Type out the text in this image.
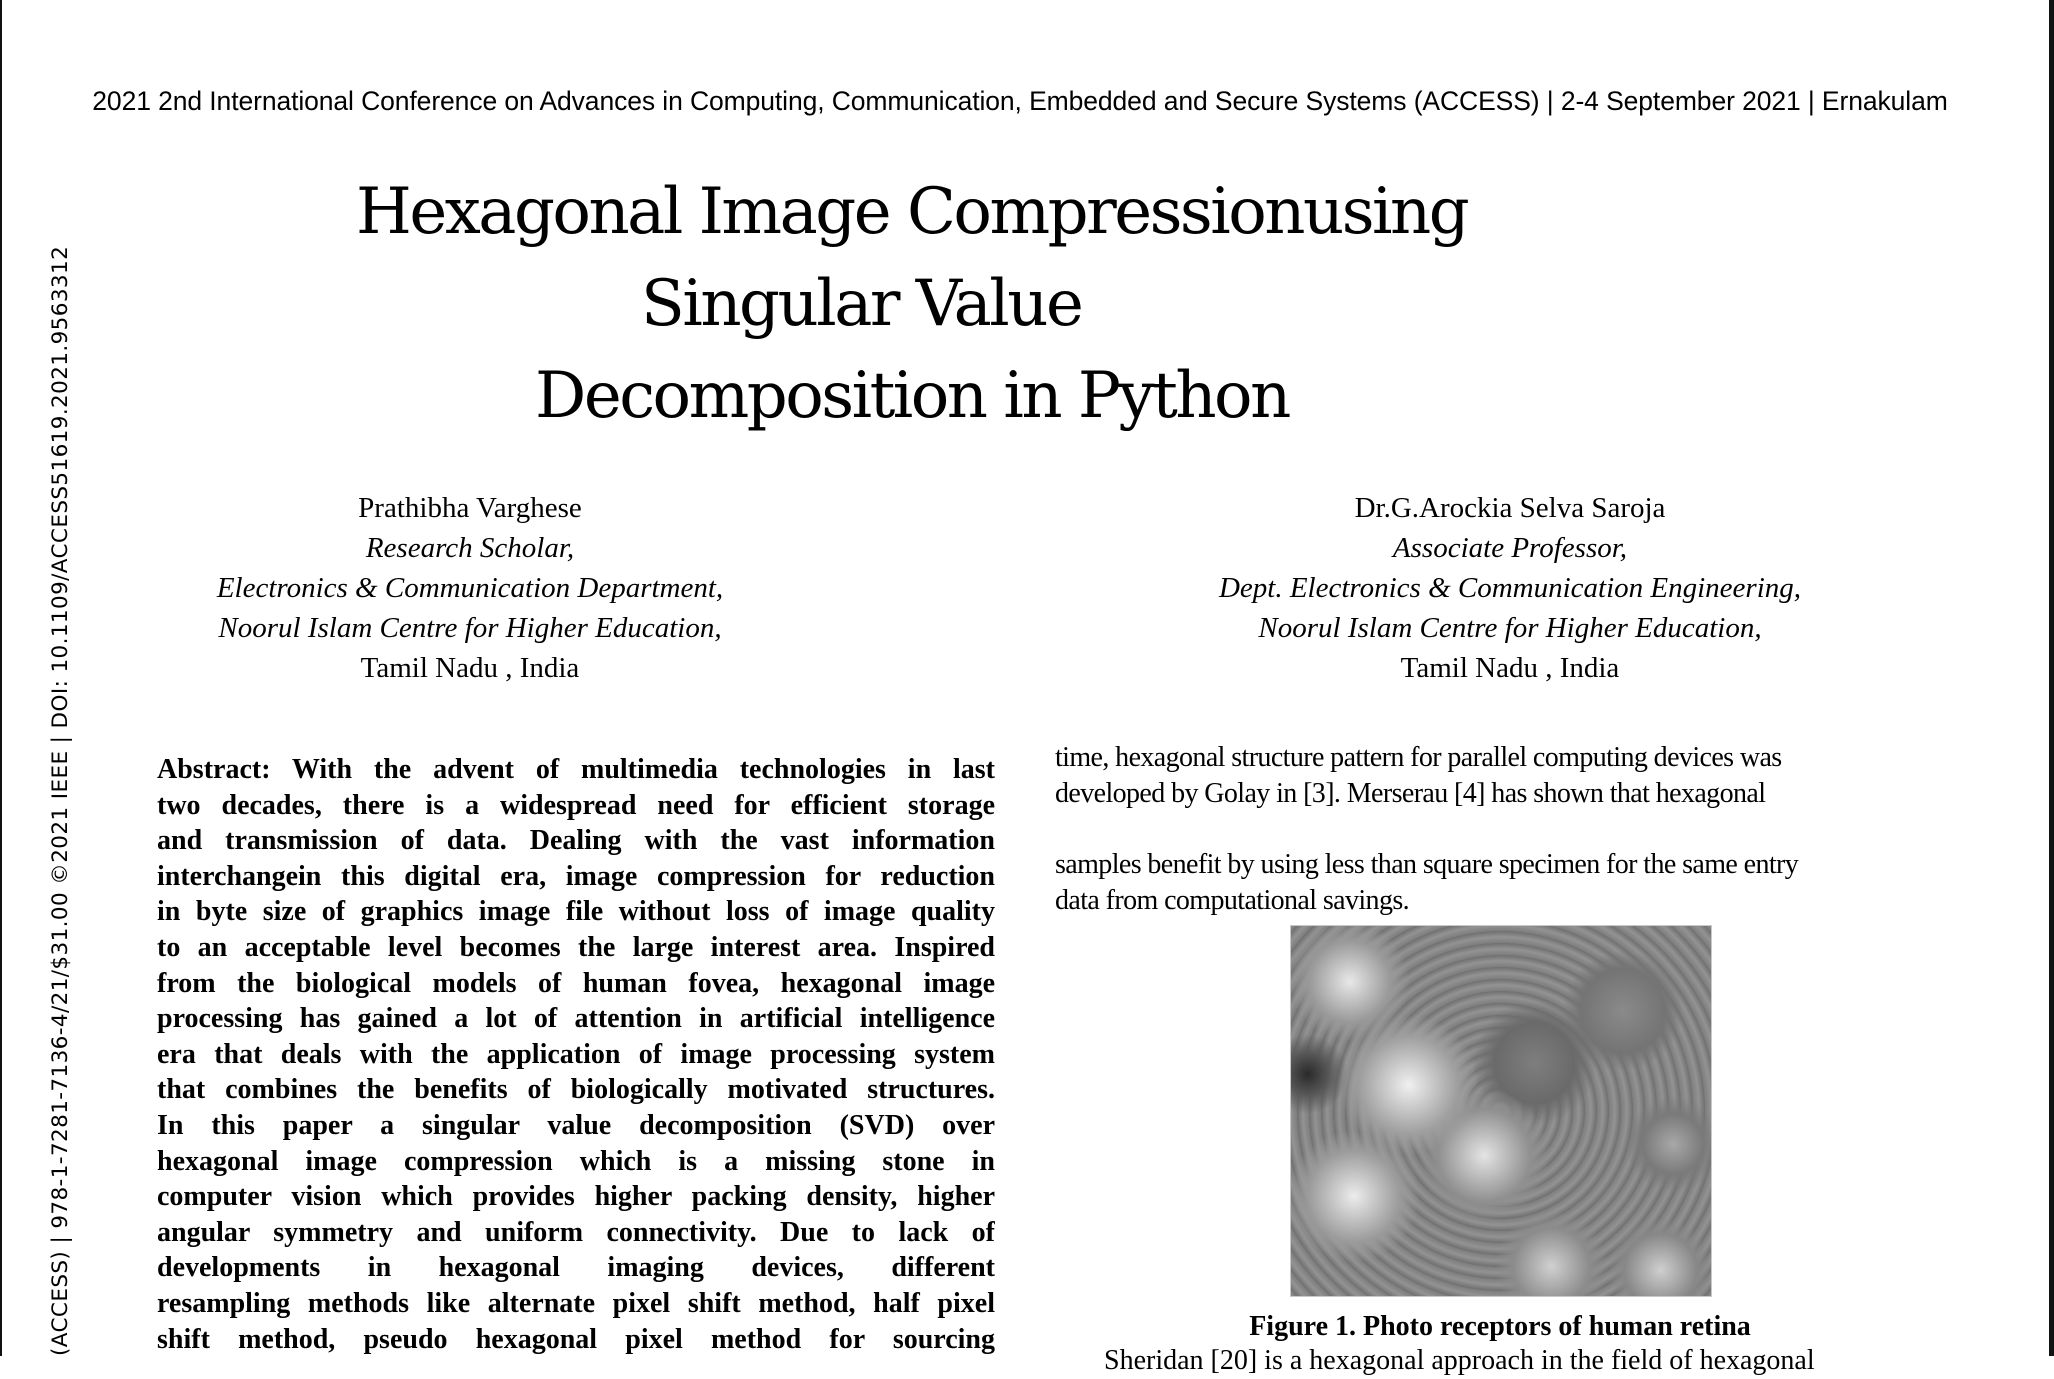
2021 2nd International Conference on Advances in Computing, Communication, Embedded and Secure Systems (ACCESS) | 2-4 September 2021 | Ernakulam
(ACCESS) | 978-1-7281-7136-4/21/$31.00 ©2021 IEEE | DOI: 10.1109/ACCESS51619.2021.9563312
Hexagonal Image Compressionusing
Singular Value
Decomposition in Python
Prathibha Varghese
Research Scholar,
Electronics & Communication Department,
Noorul Islam Centre for Higher Education,
Tamil Nadu , India
Dr.G.Arockia Selva Saroja
Associate Professor,
Dept. Electronics & Communication Engineering,
Noorul Islam Centre for Higher Education,
Tamil Nadu , India
Abstract: With the advent of multimedia technologies in last
two decades, there is a widespread need for efficient storage
and transmission of data. Dealing with the vast information
interchangein this digital era, image compression for reduction
in byte size of graphics image file without loss of image quality
to an acceptable level becomes the large interest area. Inspired
from the biological models of human fovea, hexagonal image
processing has gained a lot of attention in artificial intelligence
era that deals with the application of image processing system
that combines the benefits of biologically motivated structures.
In this paper a singular value decomposition (SVD) over
hexagonal image compression which is a missing stone in
computer vision which provides higher packing density, higher
angular symmetry and uniform connectivity. Due to lack of
developments in hexagonal imaging devices, different
resampling methods like alternate pixel shift method, half pixel
shift method, pseudo hexagonal pixel method for sourcing
time, hexagonal structure pattern for parallel computing devices was
developed by Golay in [3]. Merserau [4] has shown that hexagonal
samples benefit by using less than square specimen for the same entry
data from computational savings.
Figure 1. Photo receptors of human retina
Sheridan [20] is a hexagonal approach in the field of hexagonal
